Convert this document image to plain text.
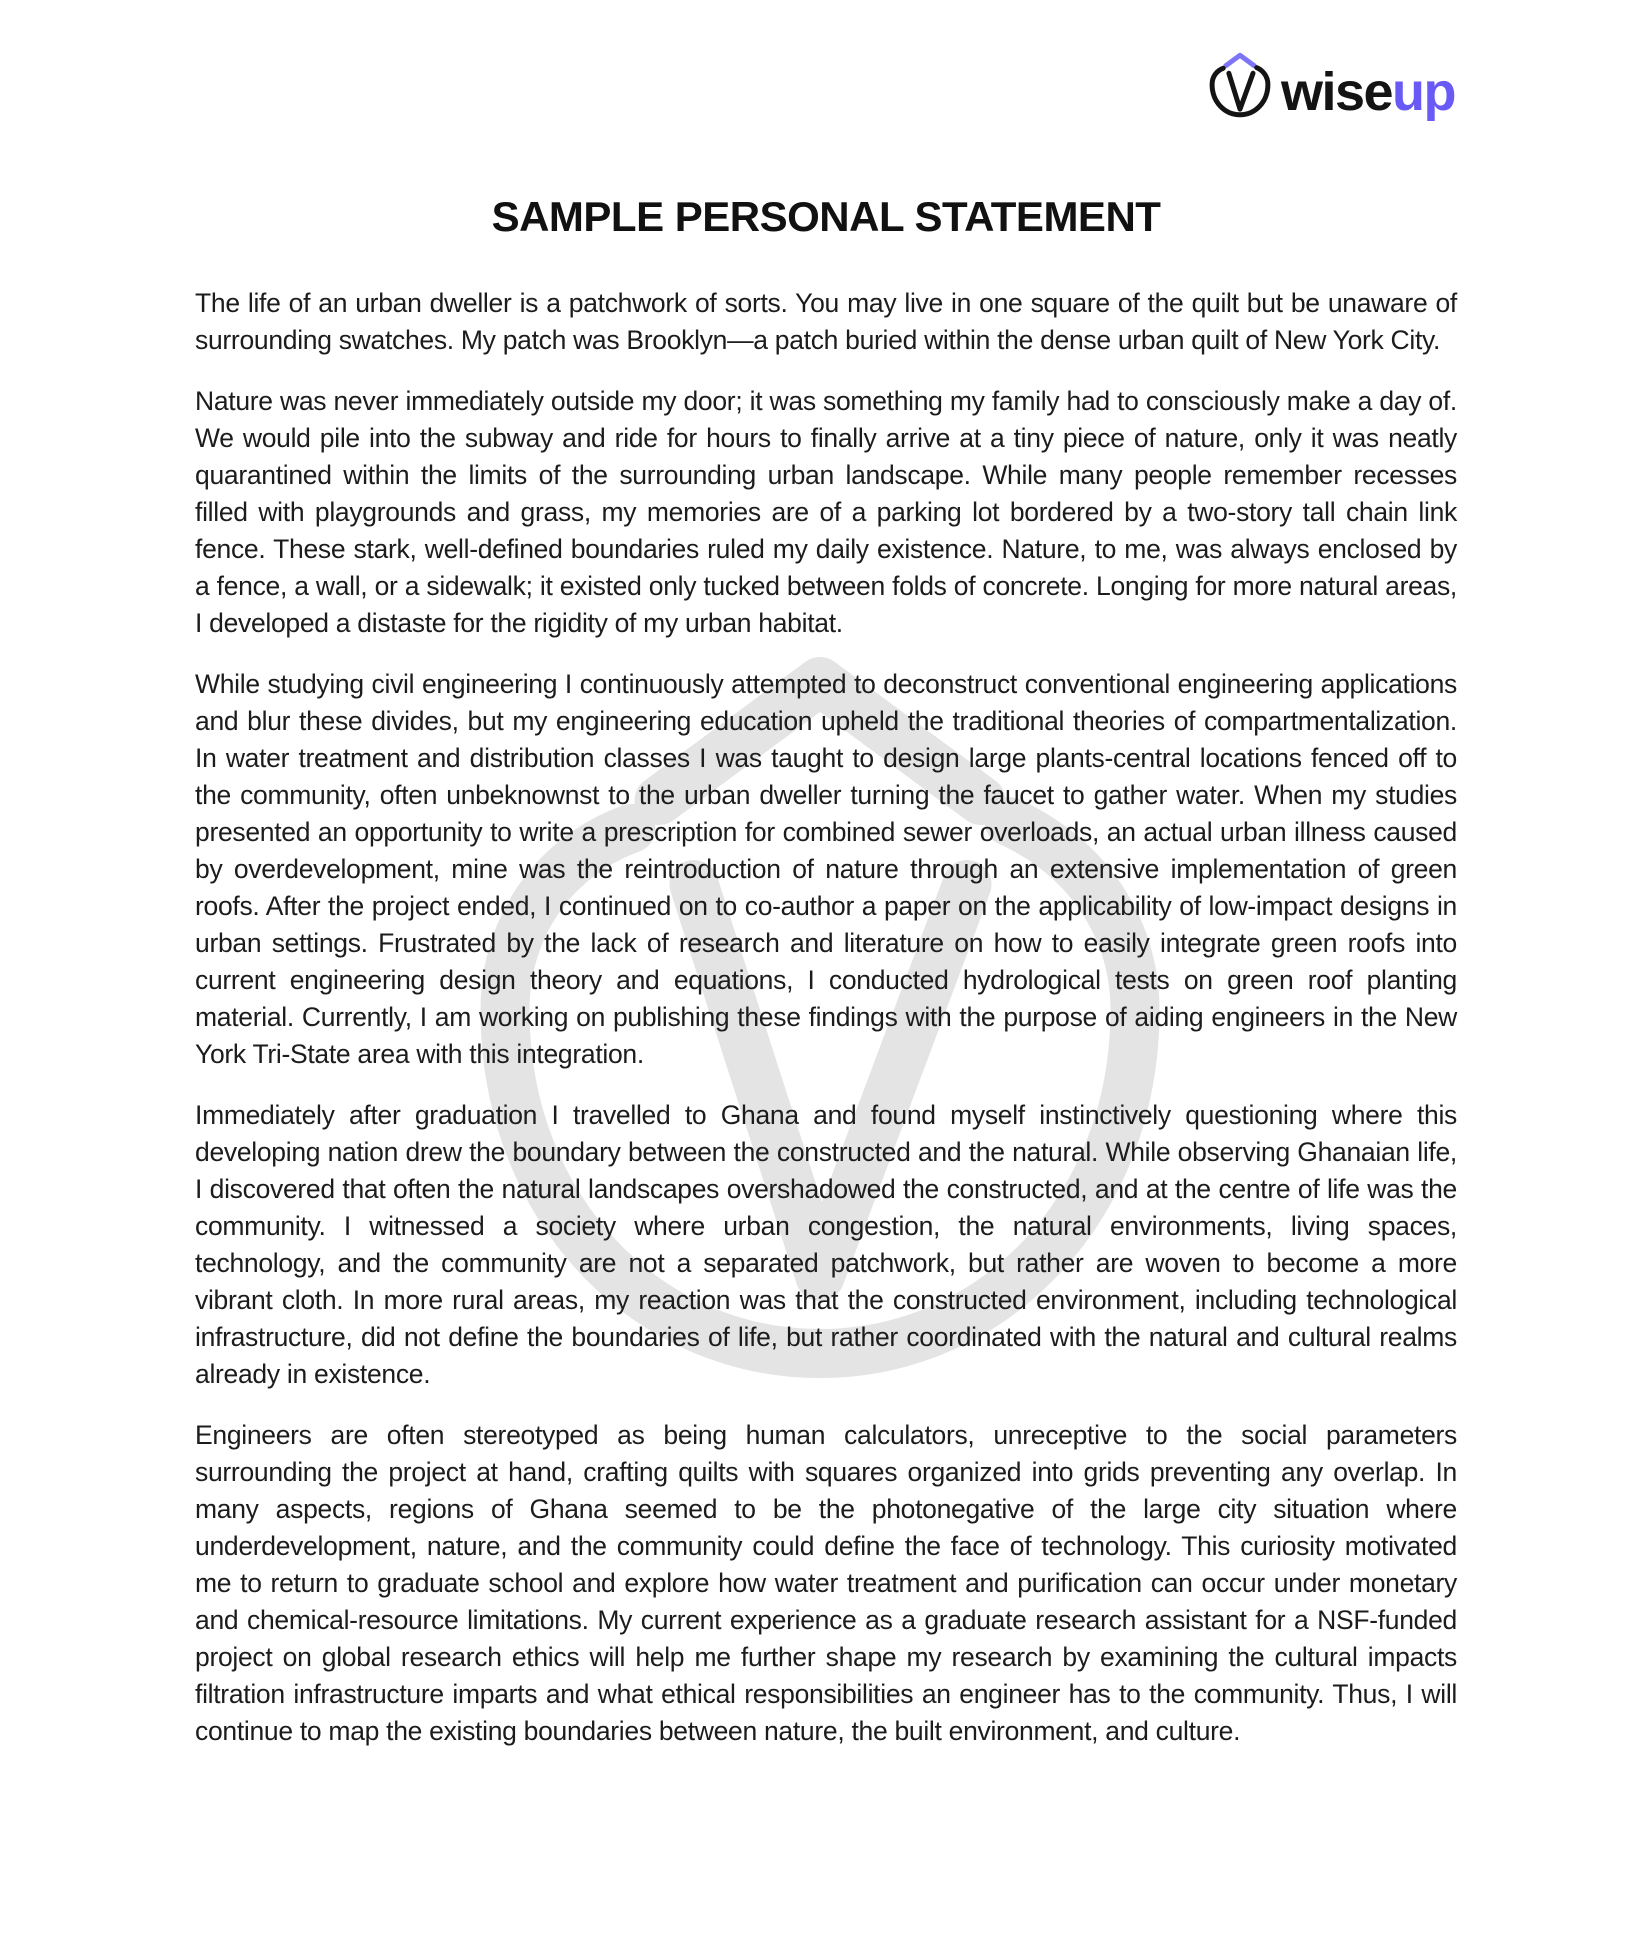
wiseup
SAMPLE PERSONAL STATEMENT

The life of an urban dweller is a patchwork of sorts. You may live in one square of the quilt but be unaware of surrounding swatches. My patch was Brooklyn—a patch buried within the dense urban quilt of New York City.

Nature was never immediately outside my door; it was something my family had to consciously make a day of. We would pile into the subway and ride for hours to finally arrive at a tiny piece of nature, only it was neatly quarantined within the limits of the surrounding urban landscape. While many people remember recesses filled with playgrounds and grass, my memories are of a parking lot bordered by a two-story tall chain link fence. These stark, well-defined boundaries ruled my daily existence. Nature, to me, was always enclosed by a fence, a wall, or a sidewalk; it existed only tucked between folds of concrete. Longing for more natural areas, I developed a distaste for the rigidity of my urban habitat.

While studying civil engineering I continuously attempted to deconstruct conventional engineering applications and blur these divides, but my engineering education upheld the traditional theories of compartmentalization. In water treatment and distribution classes I was taught to design large plants-central locations fenced off to the community, often unbeknownst to the urban dweller turning the faucet to gather water. When my studies presented an opportunity to write a prescription for combined sewer overloads, an actual urban illness caused by overdevelopment, mine was the reintroduction of nature through an extensive implementation of green roofs. After the project ended, I continued on to co-author a paper on the applicability of low-impact designs in urban settings. Frustrated by the lack of research and literature on how to easily integrate green roofs into current engineering design theory and equations, I conducted hydrological tests on green roof planting material. Currently, I am working on publishing these findings with the purpose of aiding engineers in the New York Tri-State area with this integration.

Immediately after graduation I travelled to Ghana and found myself instinctively questioning where this developing nation drew the boundary between the constructed and the natural. While observing Ghanaian life, I discovered that often the natural landscapes overshadowed the constructed, and at the centre of life was the community. I witnessed a society where urban congestion, the natural environments, living spaces, technology, and the community are not a separated patchwork, but rather are woven to become a more vibrant cloth. In more rural areas, my reaction was that the constructed environment, including technological infrastructure, did not define the boundaries of life, but rather coordinated with the natural and cultural realms already in existence.

Engineers are often stereotyped as being human calculators, unreceptive to the social parameters surrounding the project at hand, crafting quilts with squares organized into grids preventing any overlap. In many aspects, regions of Ghana seemed to be the photonegative of the large city situation where underdevelopment, nature, and the community could define the face of technology. This curiosity motivated me to return to graduate school and explore how water treatment and purification can occur under monetary and chemical-resource limitations. My current experience as a graduate research assistant for a NSF-funded project on global research ethics will help me further shape my research by examining the cultural impacts filtration infrastructure imparts and what ethical responsibilities an engineer has to the community. Thus, I will continue to map the existing boundaries between nature, the built environment, and culture.
